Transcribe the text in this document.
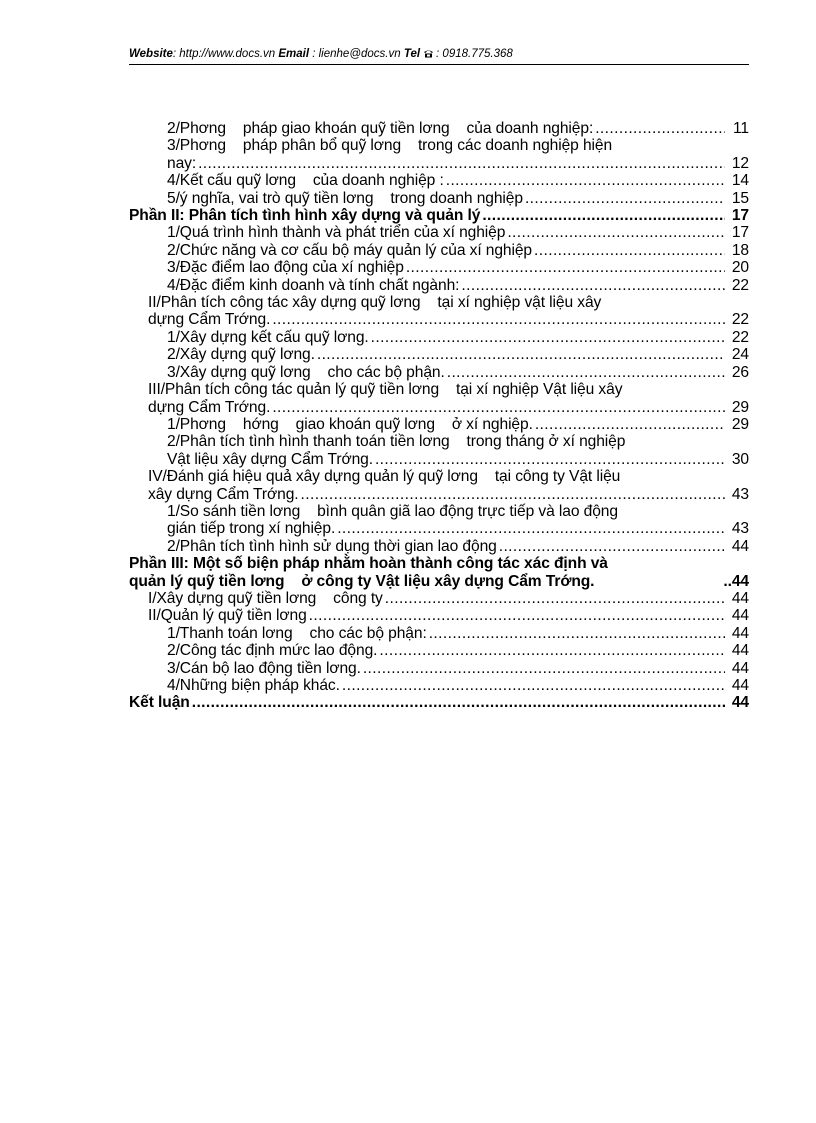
Website: http://www.docs.vn Email : lienhe@docs.vn Tel : 0918.775.368
2/Phơng    pháp giao khoán quỹ tiền lơng    của doanh nghiệp: .....	11
3/Phơng    pháp phân bổ quỹ lơng    trong các doanh nghiệp hiện
nay: .....	12
4/Kết cấu quỹ lơng    của doanh nghiệp : .....	14
5/ý nghĩa, vai trò quỹ tiền lơng    trong doanh nghiệp .....	15
Phần II: Phân tích tình hình xây dựng và quản lý .....	17
1/Quá trình hình thành và phát triển của xí nghiệp .....	17
2/Chức năng và cơ cấu bộ máy quản lý của xí nghiệp .....	18
3/Đặc điểm lao động của xí nghiệp .....	20
4/Đặc điểm kinh doanh và tính chất ngành: .....	22
II/Phân tích công tác xây dựng quỹ lơng    tại xí nghiệp vật liệu xây
dựng Cẩm Trớng. .....	22
1/Xây dựng kết cấu quỹ lơng. .....	22
2/Xây dựng quỹ lơng. .....	24
3/Xây dựng quỹ lơng    cho các bộ phận. .....	26
III/Phân tích công tác quản lý quỹ tiền lơng    tại xí nghiệp Vật liệu xây
dựng Cẩm Trớng. .....	29
1/Phơng    hớng    giao khoán quỹ lơng    ở xí nghiệp. .....	29
2/Phân tích tình hình thanh toán tiền lơng    trong tháng ở xí nghiệp
Vật liệu xây dựng Cẩm Trớng. .....	30
IV/Đánh giá hiệu quả xây dựng quản lý quỹ lơng    tại công ty Vật liệu
xây dựng Cẩm Trớng. .....	43
1/So sánh tiền lơng    bình quân giã lao động trực tiếp và lao động
gián tiếp trong xí nghiệp. .....	43
2/Phân tích tình hình sử dụng thời gian lao động .....	44
Phần III: Một số biện pháp nhằm hoàn thành công tác xác định và
quản lý quỹ tiền lơng    ở công ty Vật liệu xây dựng Cẩm Trớng.	..44
I/Xây dựng quỹ tiền lơng    công ty .....	44
II/Quản lý quỹ tiền lơng .....	44
1/Thanh toán lơng    cho các bộ phận: .....	44
2/Công tác định mức lao động. .....	44
3/Cán bộ lao động tiền lơng. .....	44
4/Những biện pháp khác. .....	44
Kết luận .....	44
